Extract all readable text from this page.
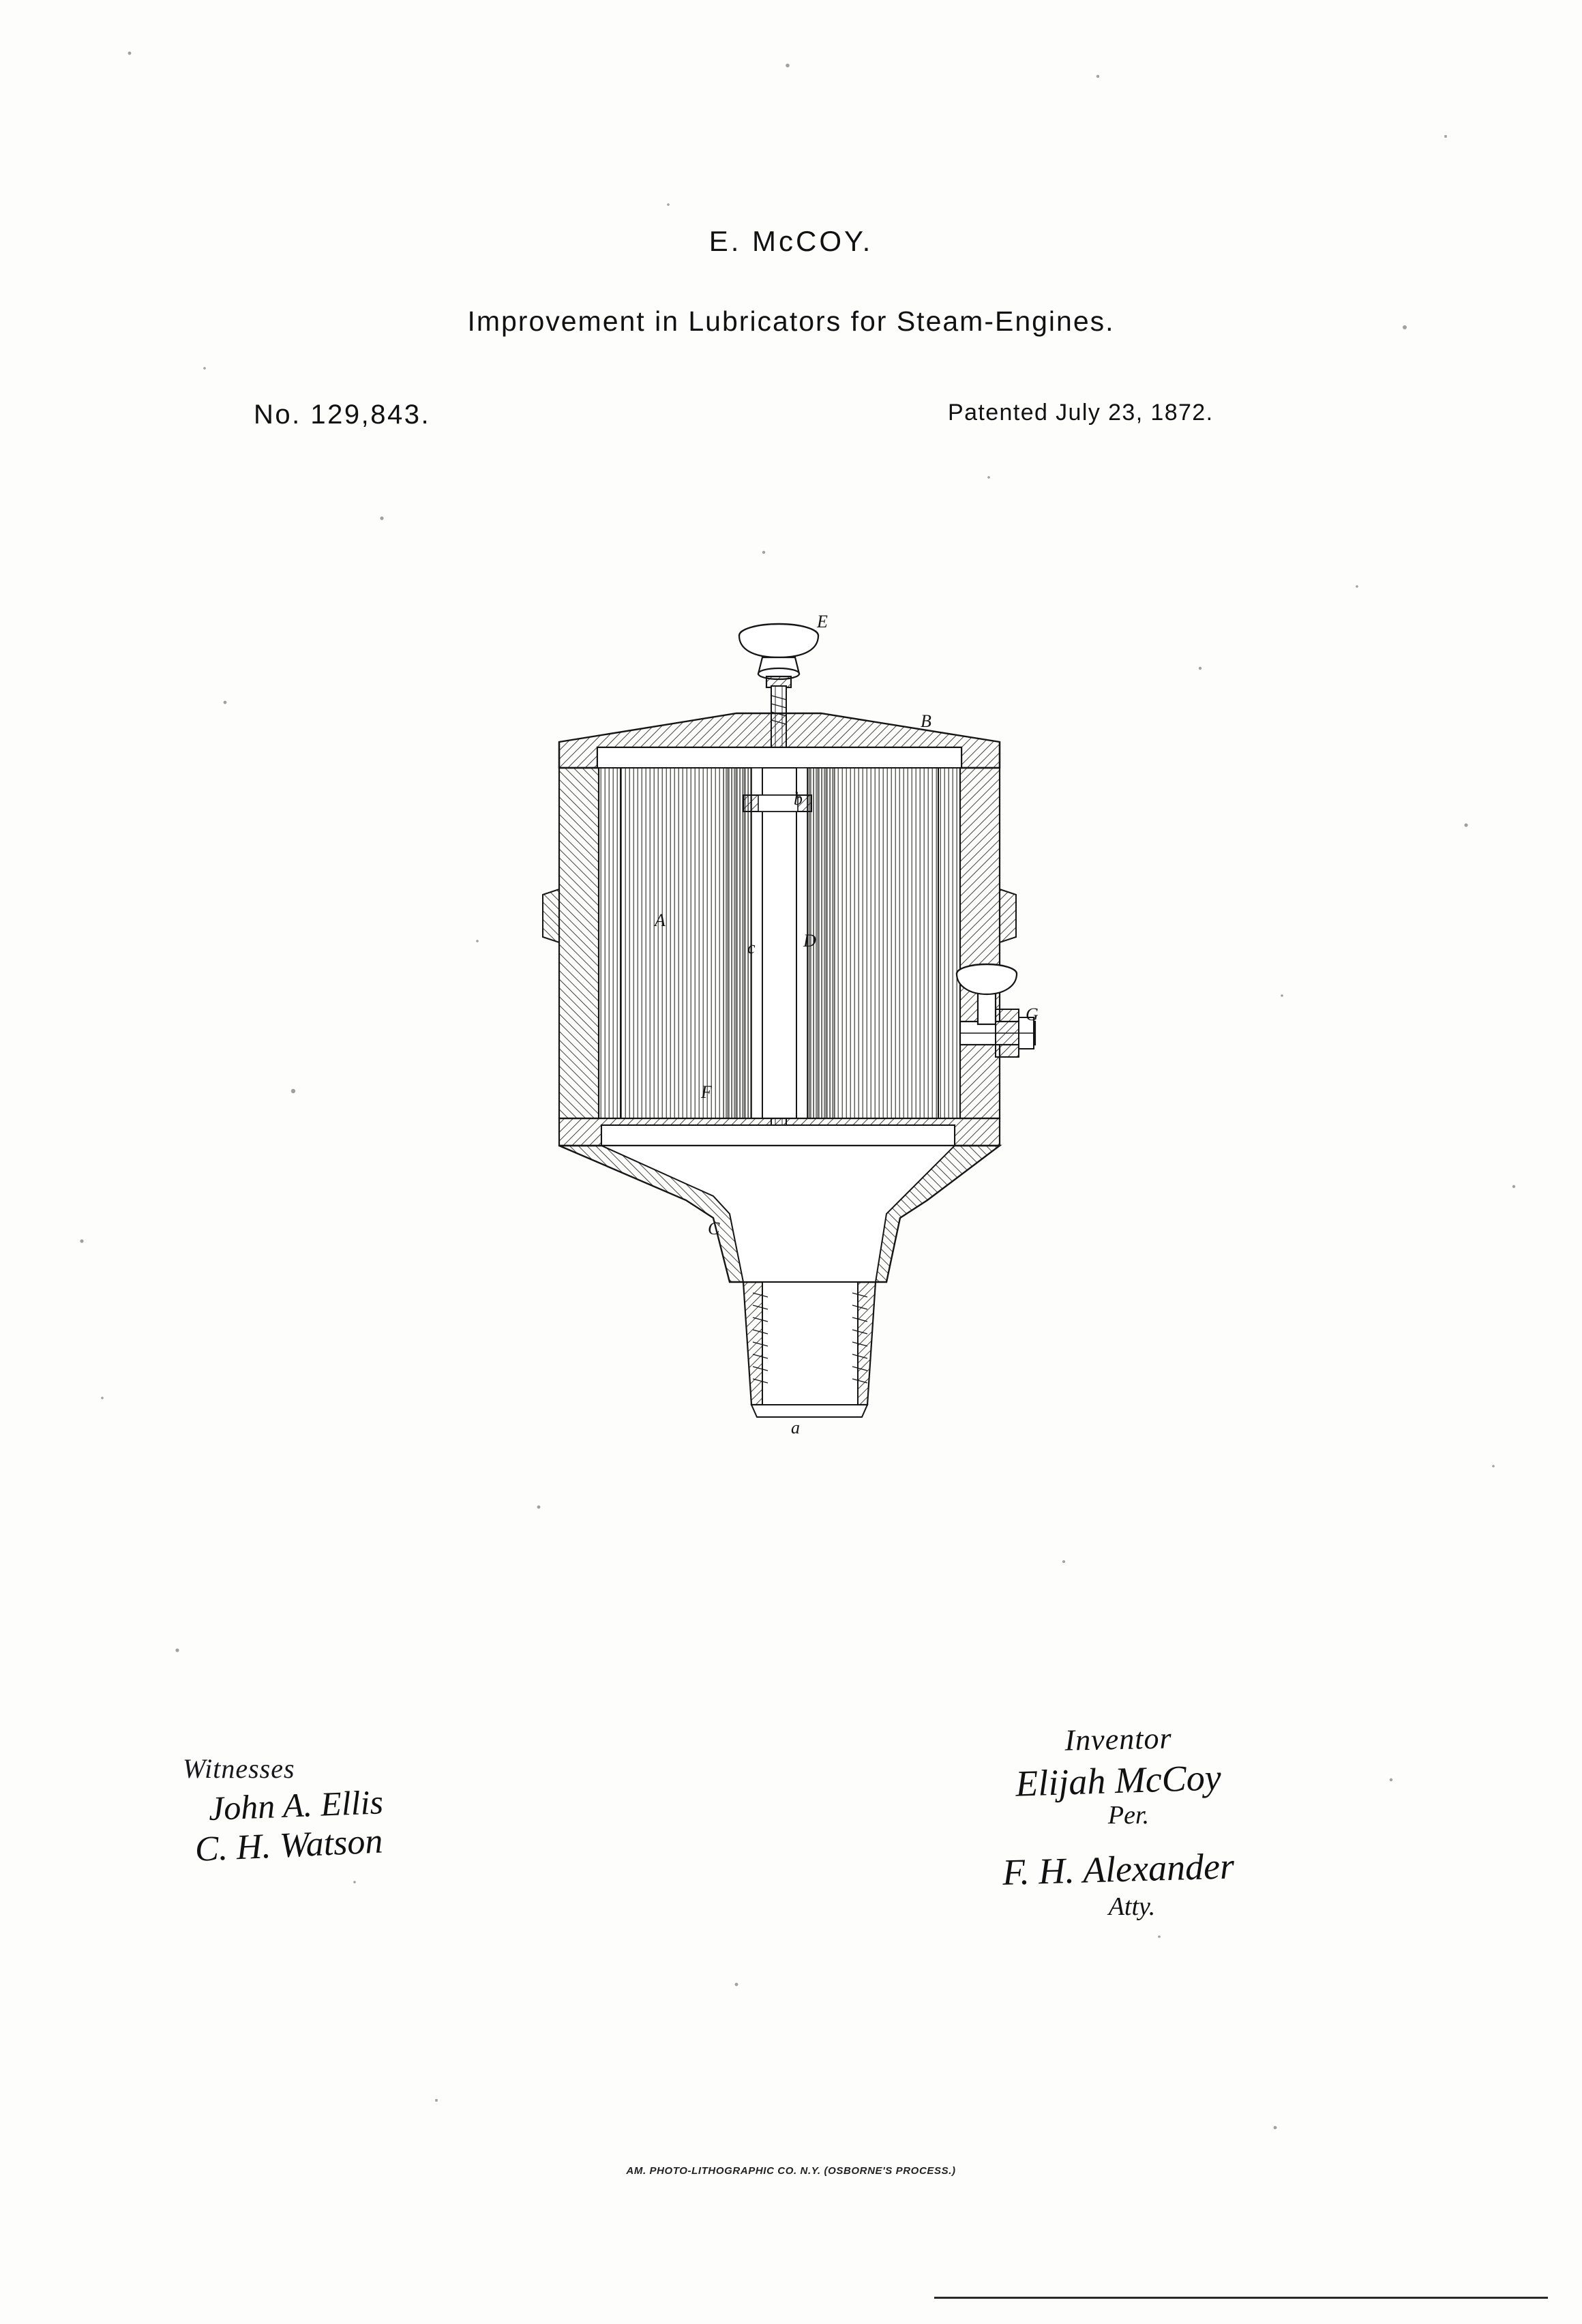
E. McCOY.
Improvement in Lubricators for Steam-Engines.
No. 129,843.	Patented July 23, 1872.
E
B
A
D
c
b
G
F
C
a
Witnesses
John A. Ellis
C. H. Watson
Inventor
Elijah McCoy
Per.
F. H. Alexander
Atty.
AM. PHOTO-LITHOGRAPHIC CO. N.Y. (OSBORNE'S PROCESS.)
